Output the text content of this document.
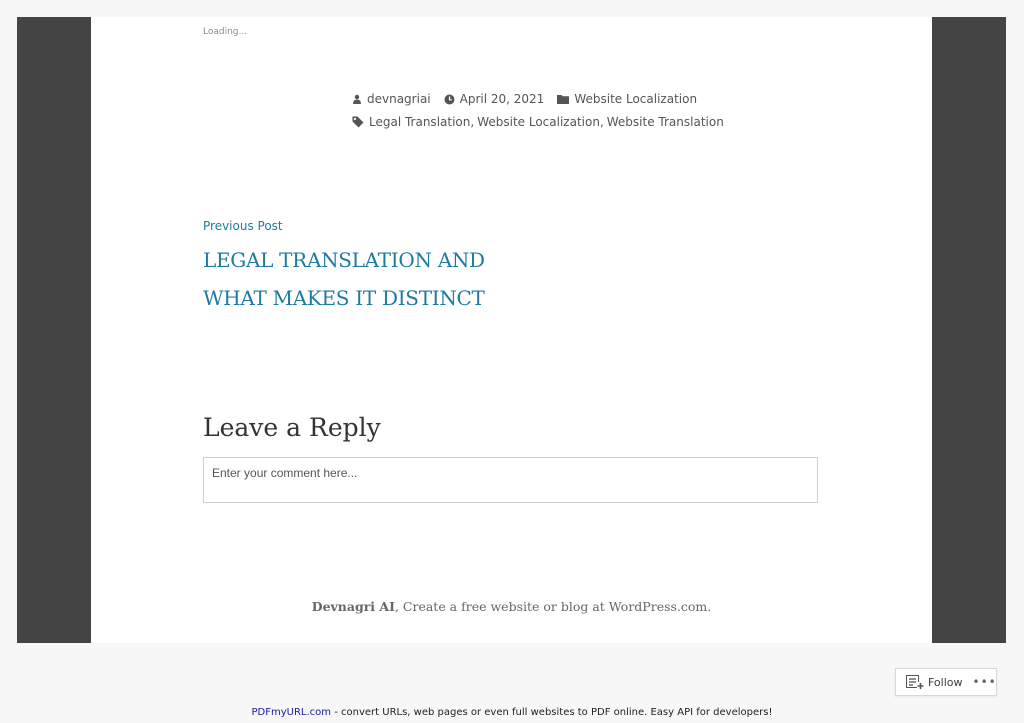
Loading...
devnagriai April 20, 2021	Website Localization
Legal Translation , Website Localization , Website Translation
Previous Post
LEGAL TRANSLATION AND WHAT MAKES IT DISTINCT
Leave a Reply
Enter your comment here...
Devnagri AI, Create a free website or blog at WordPress.com.
Follow •••
PDFmyURL.com - convert URLs, web pages or even full websites to PDF online. Easy API for developers!
